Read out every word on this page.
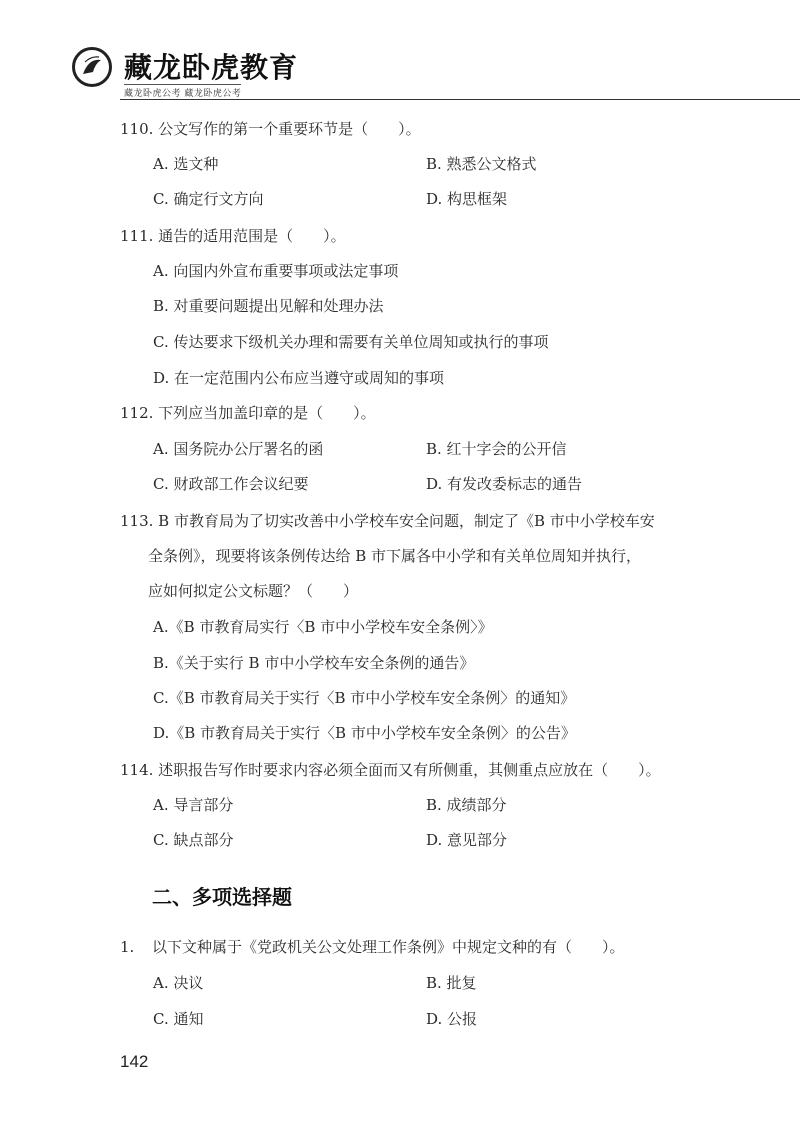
藏龙卧虎教育
藏龙卧虎公考 藏龙卧虎公考
110. 公文写作的第一个重要环节是（　　）。
A. 选文种	B. 熟悉公文格式
C. 确定行文方向	D. 构思框架
111. 通告的适用范围是（　　）。
A. 向国内外宣布重要事项或法定事项
B. 对重要问题提出见解和处理办法
C. 传达要求下级机关办理和需要有关单位周知或执行的事项
D. 在一定范围内公布应当遵守或周知的事项
112. 下列应当加盖印章的是（　　）。
A. 国务院办公厅署名的函	B. 红十字会的公开信
C. 财政部工作会议纪要	D. 有发改委标志的通告
113. B 市教育局为了切实改善中小学校车安全问题，制定了《B 市中小学校车安
全条例》，现要将该条例传达给 B 市下属各中小学和有关单位周知并执行，
应如何拟定公文标题？（　　）
A.《B 市教育局实行〈B 市中小学校车安全条例〉》
B.《关于实行 B 市中小学校车安全条例的通告》
C.《B 市教育局关于实行〈B 市中小学校车安全条例〉的通知》
D.《B 市教育局关于实行〈B 市中小学校车安全条例〉的公告》
114. 述职报告写作时要求内容必须全面而又有所侧重，其侧重点应放在（　　）。
A. 导言部分	B. 成绩部分
C. 缺点部分	D. 意见部分
二、多项选择题
1. 以下文种属于《党政机关公文处理工作条例》中规定文种的有（　　）。
A. 决议	B. 批复
C. 通知	D. 公报
142
